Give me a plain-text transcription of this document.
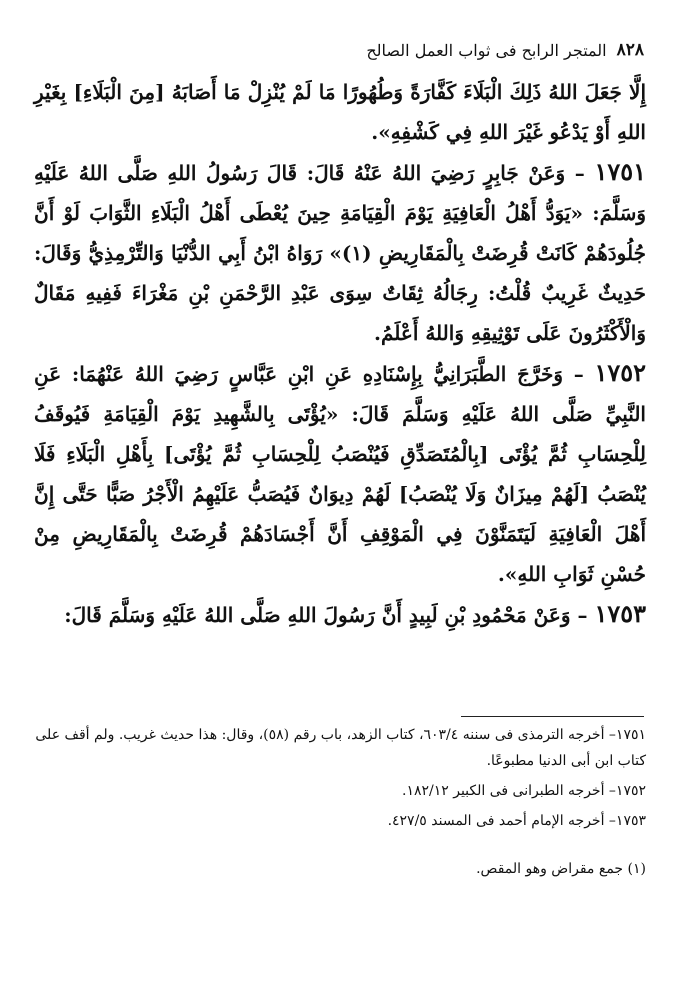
٨٢٨
المتجر الرابح فى ثواب العمل الصالح

إِلَّا جَعَلَ اللهُ ذَلِكَ الْبَلَاءَ كَفَّارَةً وَطُهُورًا مَا لَمْ يُنْزِلْ مَا أَصَابَهُ [مِنَ الْبَلَاءِ] بِغَيْرِ اللهِ أَوْ يَدْعُو غَيْرَ اللهِ فِي كَشْفِهِ».

١٧٥١ – وَعَنْ جَابِرٍ رَضِيَ اللهُ عَنْهُ قَالَ: قَالَ رَسُولُ اللهِ صَلَّى اللهُ عَلَيْهِ وَسَلَّمَ: «يَوَدُّ أَهْلُ الْعَافِيَةِ يَوْمَ الْقِيَامَةِ حِينَ يُعْطَى أَهْلُ الْبَلَاءِ الثَّوَابَ لَوْ أَنَّ جُلُودَهُمْ كَانَتْ قُرِضَتْ بِالْمَقَارِيضِ (١)» رَوَاهُ ابْنُ أَبِي الدُّنْيَا وَالتِّرْمِذِيُّ وَقَالَ: حَدِيثٌ غَرِيبٌ قُلْتُ: رِجَالُهُ ثِقَاتٌ سِوَى عَبْدِ الرَّحْمَنِ بْنِ مَغْرَاءَ فَفِيهِ مَقَالٌ وَالْأَكْثَرُونَ عَلَى تَوْثِيقِهِ وَاللهُ أَعْلَمُ.

١٧٥٢ – وَخَرَّجَ الطَّبَرَانِيُّ بِإِسْنَادِهِ عَنِ ابْنِ عَبَّاسٍ رَضِيَ اللهُ عَنْهُمَا: عَنِ النَّبِيِّ صَلَّى اللهُ عَلَيْهِ وَسَلَّمَ قَالَ: «يُؤْتَى بِالشَّهِيدِ يَوْمَ الْقِيَامَةِ فَيُوقَفُ لِلْحِسَابِ ثُمَّ يُؤْتَى [بِالْمُتَصَدِّقِ فَيُنْصَبُ لِلْحِسَابِ ثُمَّ يُؤْتَى] بِأَهْلِ الْبَلَاءِ فَلَا يُنْصَبُ [لَهُمْ مِيزَانٌ وَلَا يُنْصَبُ] لَهُمْ دِيوَانٌ فَيُصَبُّ عَلَيْهِمُ الْأَجْرُ صَبًّا حَتَّى إِنَّ أَهْلَ الْعَافِيَةِ لَيَتَمَنَّوْنَ فِي الْمَوْقِفِ أَنَّ أَجْسَادَهُمْ قُرِضَتْ بِالْمَقَارِيضِ مِنْ حُسْنِ ثَوَابِ اللهِ».

١٧٥٣ – وَعَنْ مَحْمُودِ بْنِ لَبِيدٍ أَنَّ رَسُولَ اللهِ صَلَّى اللهُ عَلَيْهِ وَسَلَّمَ قَالَ:

١٧٥١– أخرجه الترمذى فى سننه ٦٠٣/٤، كتاب الزهد، باب رقم (٥٨)، وقال: هذا حديث غريب. ولم أقف على كتاب ابن أبى الدنيا مطبوعًا.

١٧٥٢– أخرجه الطبرانى فى الكبير ١٨٢/١٢.

١٧٥٣– أخرجه الإمام أحمد فى المسند ٤٢٧/٥.

(١) جمع مقراض وهو المقص.
